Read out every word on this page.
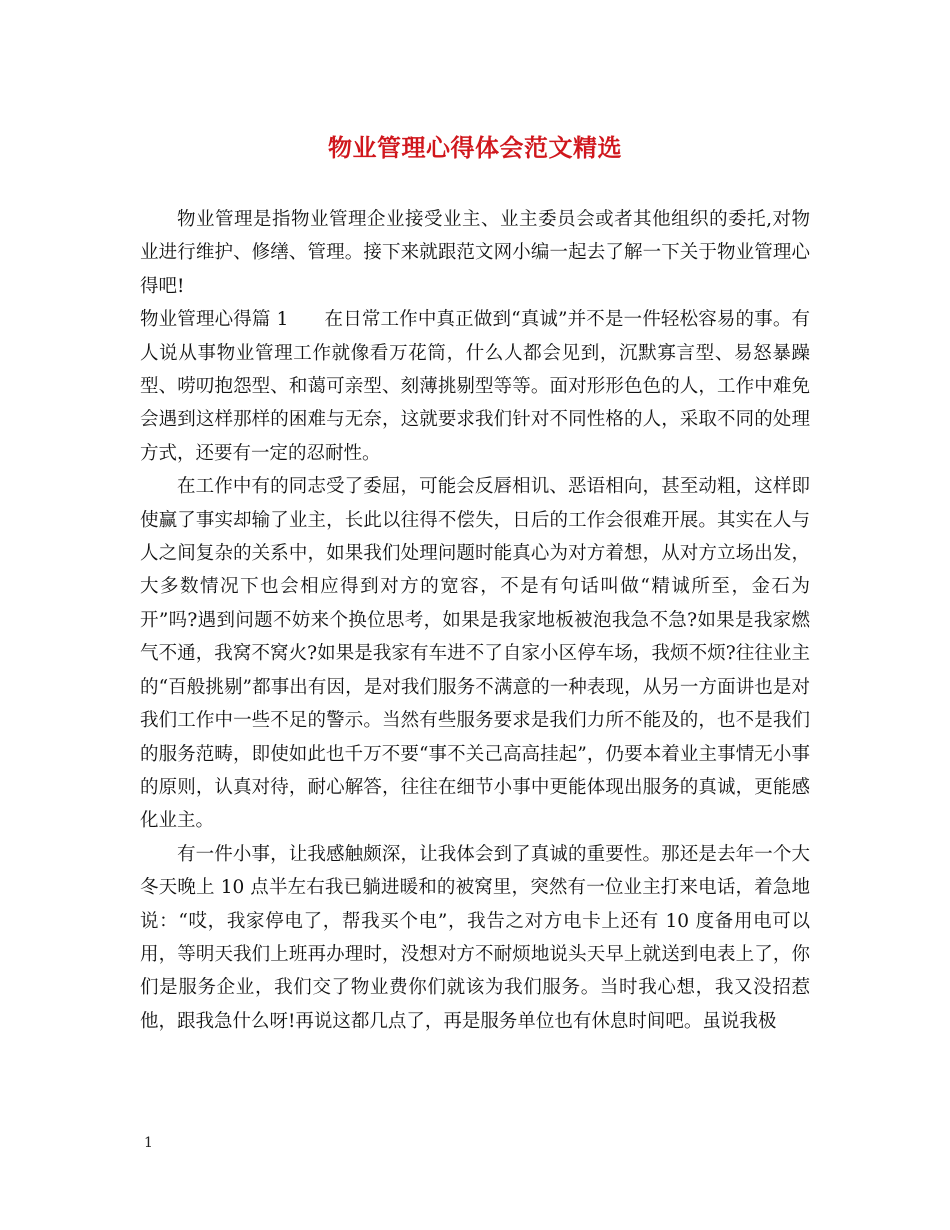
物业管理心得体会范文精选

物业管理是指物业管理企业接受业主、业主委员会或者其他组织的委托,对物业进行维护、修缮、管理。接下来就跟范文网小编一起去了解一下关于物业管理心得吧!

物业管理心得篇 1 在日常工作中真正做到“真诚”并不是一件轻松容易的事。有人说从事物业管理工作就像看万花筒，什么人都会见到，沉默寡言型、易怒暴躁型、唠叨抱怨型、和蔼可亲型、刻薄挑剔型等等。面对形形色色的人，工作中难免会遇到这样那样的困难与无奈，这就要求我们针对不同性格的人，采取不同的处理方式，还要有一定的忍耐性。

在工作中有的同志受了委屈，可能会反唇相讥、恶语相向，甚至动粗，这样即使赢了事实却输了业主，长此以往得不偿失，日后的工作会很难开展。其实在人与人之间复杂的关系中，如果我们处理问题时能真心为对方着想，从对方立场出发，大多数情况下也会相应得到对方的宽容，不是有句话叫做“精诚所至，金石为开”吗?遇到问题不妨来个换位思考，如果是我家地板被泡我急不急?如果是我家燃气不通，我窝不窝火?如果是我家有车进不了自家小区停车场，我烦不烦?往往业主的“百般挑剔”都事出有因，是对我们服务不满意的一种表现，从另一方面讲也是对我们工作中一些不足的警示。当然有些服务要求是我们力所不能及的，也不是我们的服务范畴，即使如此也千万不要“事不关己高高挂起”，仍要本着业主事情无小事的原则，认真对待，耐心解答，往往在细节小事中更能体现出服务的真诚，更能感化业主。

有一件小事，让我感触颇深，让我体会到了真诚的重要性。那还是去年一个大冬天晚上 10 点半左右我已躺进暖和的被窝里，突然有一位业主打来电话，着急地说：“哎，我家停电了，帮我买个电”，我告之对方电卡上还有 10 度备用电可以用，等明天我们上班再办理时，没想对方不耐烦地说头天早上就送到电表上了，你们是服务企业，我们交了物业费你们就该为我们服务。当时我心想，我又没招惹他，跟我急什么呀!再说这都几点了，再是服务单位也有休息时间吧。虽说我极

1
